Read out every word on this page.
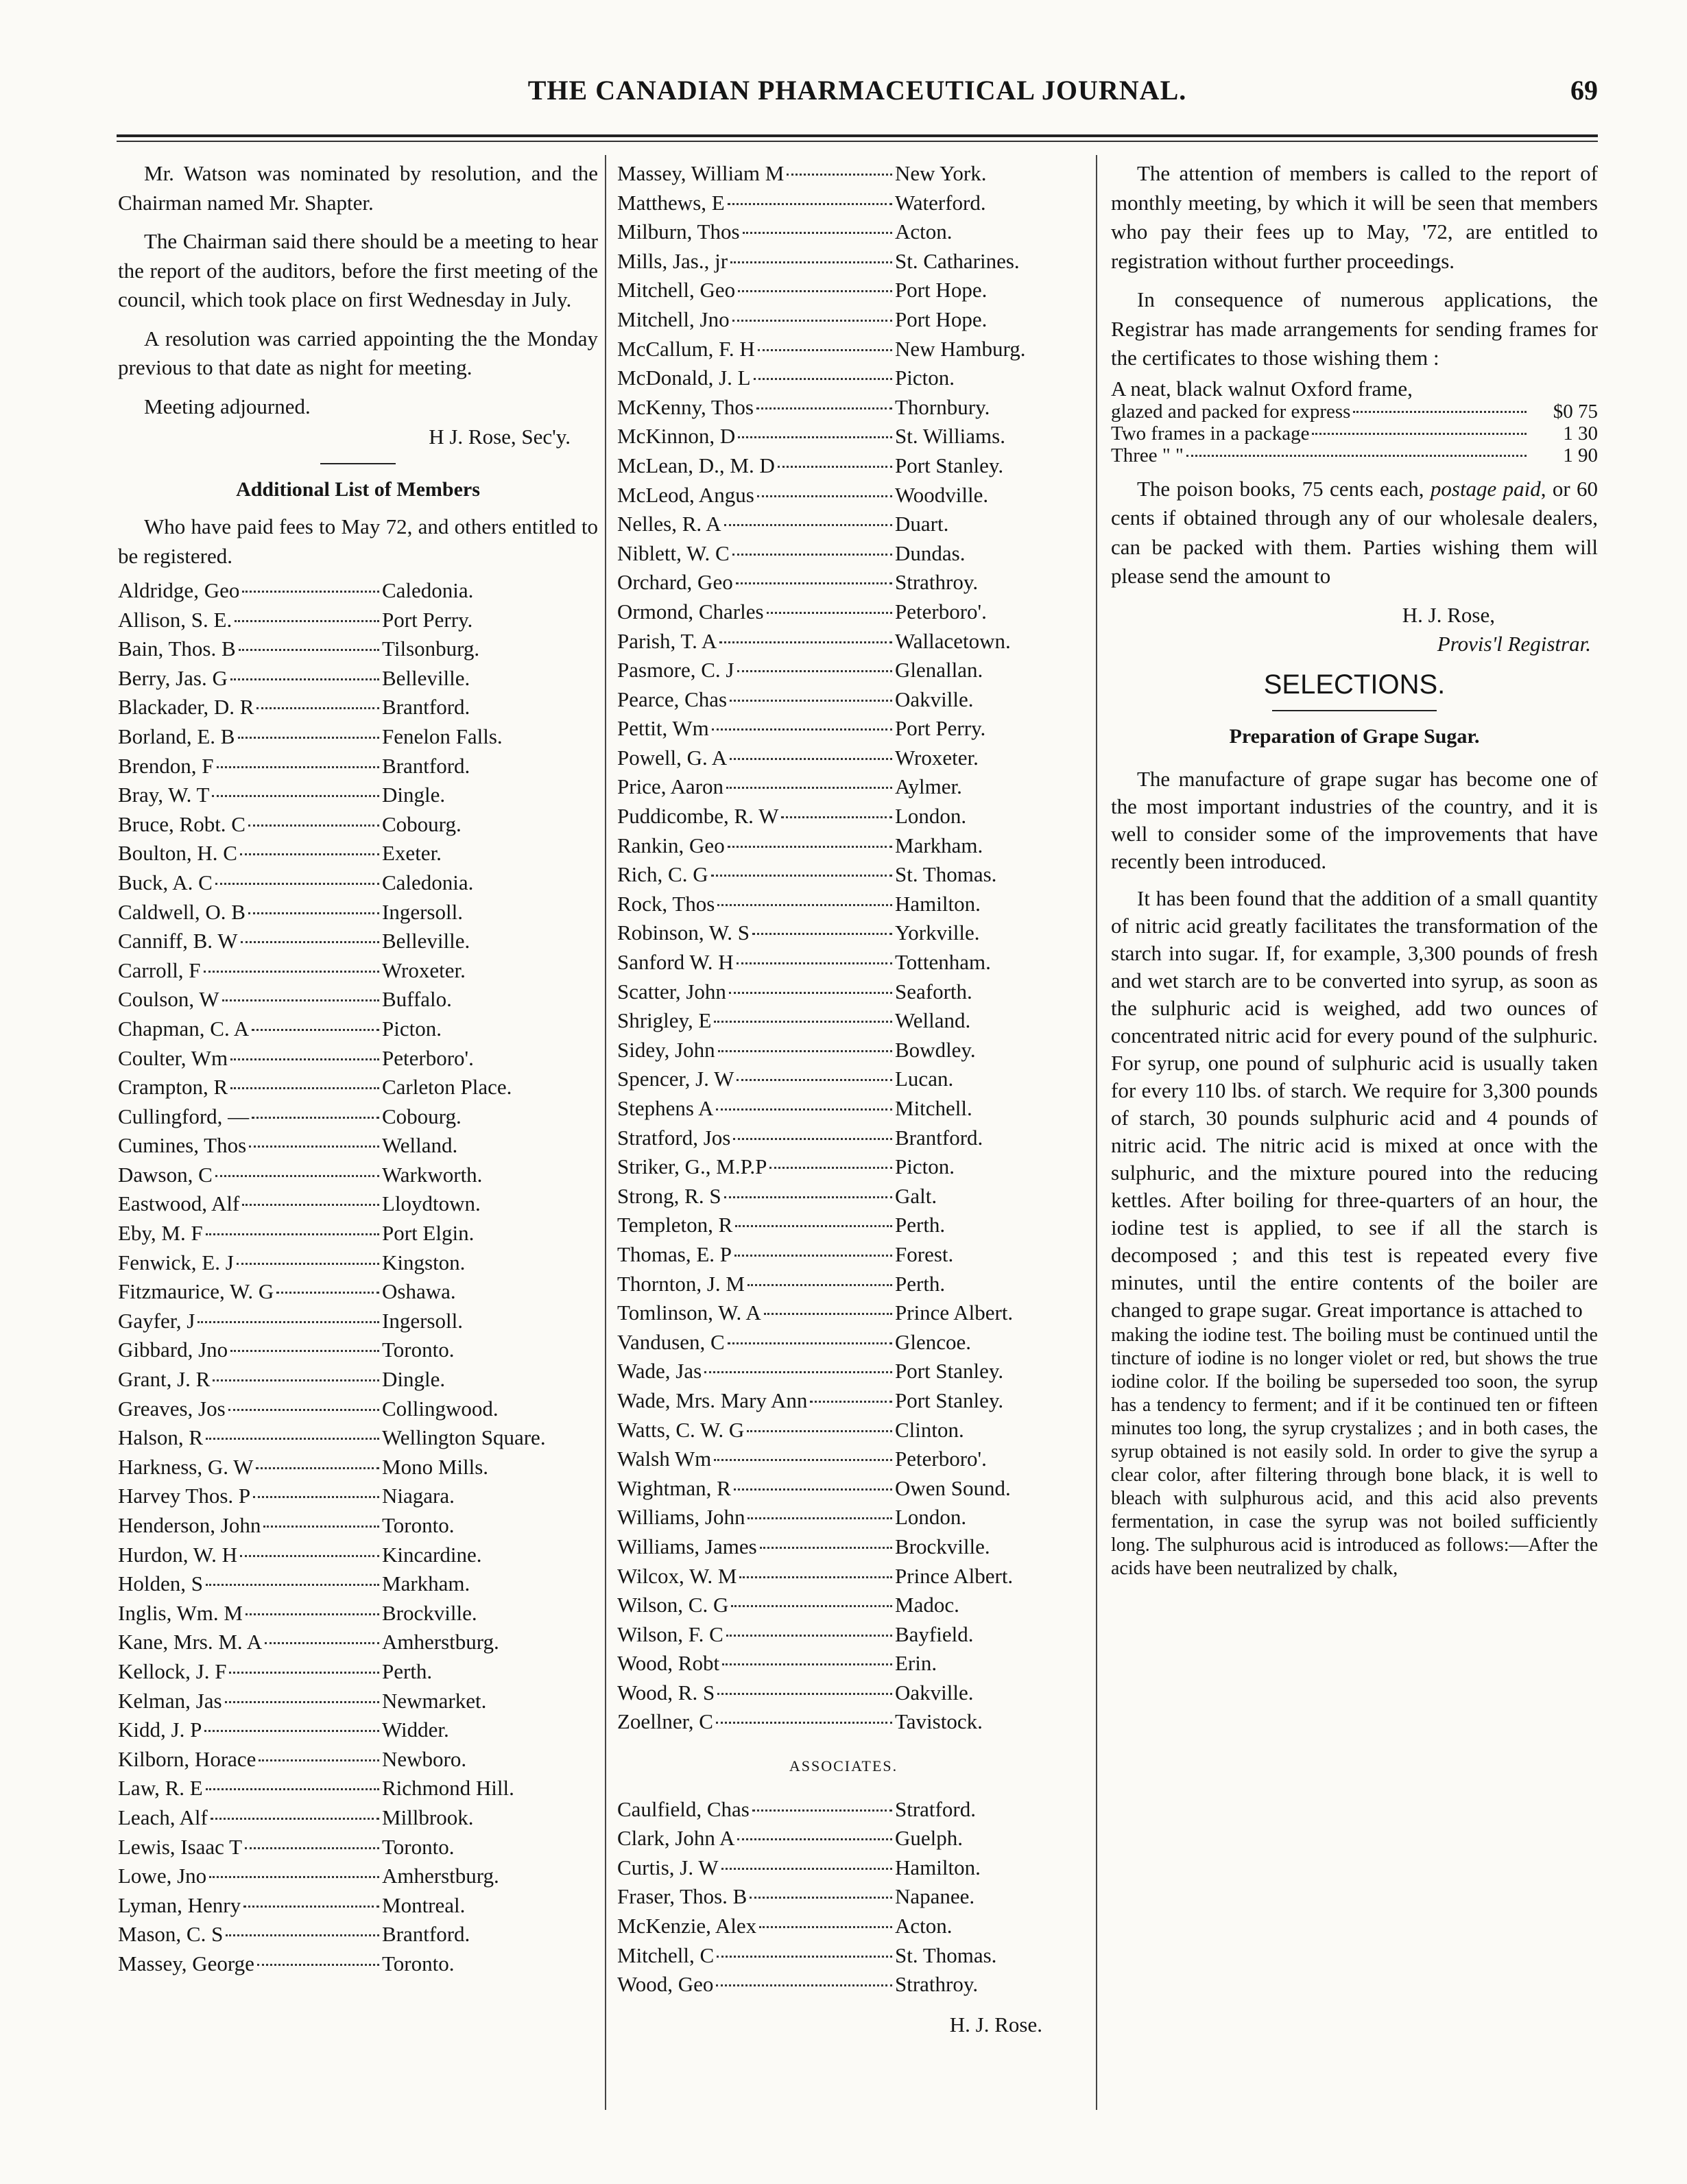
THE CANADIAN PHARMACEUTICAL JOURNAL.	69

Mr. Watson was nominated by resolution, and the Chairman named Mr. Shapter.

The Chairman said there should be a meeting to hear the report of the auditors, before the first meeting of the council, which took place on first Wednesday in July.

A resolution was carried appointing the the Monday previous to that date as night for meeting.

Meeting adjourned.

H J. Rose, Sec'y.
Additional List of Members

Who have paid fees to May 72, and others entitled to be registered.

Aldridge, Geo	Caledonia.
Allison, S. E.	Port Perry.
Bain, Thos. B	Tilsonburg.
Berry, Jas. G	Belleville.
Blackader, D. R	Brantford.
Borland, E. B	Fenelon Falls.
Brendon, F	Brantford.
Bray, W. T	Dingle.
Bruce, Robt. C	Cobourg.
Boulton, H. C	Exeter.
Buck, A. C	Caledonia.
Caldwell, O. B	Ingersoll.
Canniff, B. W	Belleville.
Carroll, F	Wroxeter.
Coulson, W	Buffalo.
Chapman, C. A	Picton.
Coulter, Wm	Peterboro'.
Crampton, R	Carleton Place.
Cullingford, —	Cobourg.
Cumines, Thos	Welland.
Dawson, C	Warkworth.
Eastwood, Alf	Lloydtown.
Eby, M. F	Port Elgin.
Fenwick, E. J	Kingston.
Fitzmaurice, W. G	Oshawa.
Gayfer, J	Ingersoll.
Gibbard, Jno	Toronto.
Grant, J. R	Dingle.
Greaves, Jos	Collingwood.
Halson, R	Wellington Square.
Harkness, G. W	Mono Mills.
Harvey Thos. P	Niagara.
Henderson, John	Toronto.
Hurdon, W. H	Kincardine.
Holden, S	Markham.
Inglis, Wm. M	Brockville.
Kane, Mrs. M. A	Amherstburg.
Kellock, J. F	Perth.
Kelman, Jas	Newmarket.
Kidd, J. P	Widder.
Kilborn, Horace	Newboro.
Law, R. E	Richmond Hill.
Leach, Alf	Millbrook.
Lewis, Isaac T	Toronto.
Lowe, Jno	Amherstburg.
Lyman, Henry	Montreal.
Mason, C. S	Brantford.
Massey, George	Toronto.
Massey, William M	New York.
Matthews, E	Waterford.
Milburn, Thos	Acton.
Mills, Jas., jr	St. Catharines.
Mitchell, Geo	Port Hope.
Mitchell, Jno	Port Hope.
McCallum, F. H	New Hamburg.
McDonald, J. L	Picton.
McKenny, Thos	Thornbury.
McKinnon, D	St. Williams.
McLean, D., M. D	Port Stanley.
McLeod, Angus	Woodville.
Nelles, R. A	Duart.
Niblett, W. C	Dundas.
Orchard, Geo	Strathroy.
Ormond, Charles	Peterboro'.
Parish, T. A	Wallacetown.
Pasmore, C. J	Glenallan.
Pearce, Chas	Oakville.
Pettit, Wm	Port Perry.
Powell, G. A	Wroxeter.
Price, Aaron	Aylmer.
Puddicombe, R. W	London.
Rankin, Geo	Markham.
Rich, C. G	St. Thomas.
Rock, Thos	Hamilton.
Robinson, W. S	Yorkville.
Sanford W. H	Tottenham.
Scatter, John	Seaforth.
Shrigley, E	Welland.
Sidey, John	Bowdley.
Spencer, J. W	Lucan.
Stephens A	Mitchell.
Stratford, Jos	Brantford.
Striker, G., M.P.P	Picton.
Strong, R. S	Galt.
Templeton, R	Perth.
Thomas, E. P	Forest.
Thornton, J. M	Perth.
Tomlinson, W. A	Prince Albert.
Vandusen, C	Glencoe.
Wade, Jas	Port Stanley.
Wade, Mrs. Mary Ann	Port Stanley.
Watts, C. W. G	Clinton.
Walsh Wm	Peterboro'.
Wightman, R	Owen Sound.
Williams, John	London.
Williams, James	Brockville.
Wilcox, W. M	Prince Albert.
Wilson, C. G	Madoc.
Wilson, F. C	Bayfield.
Wood, Robt	Erin.
Wood, R. S	Oakville.
Zoellner, C	Tavistock.
ASSOCIATES.
Caulfield, Chas	Stratford.
Clark, John A	Guelph.
Curtis, J. W	Hamilton.
Fraser, Thos. B	Napanee.
McKenzie, Alex	Acton.
Mitchell, C	St. Thomas.
Wood, Geo	Strathroy.
H. J. Rose.

The attention of members is called to the report of monthly meeting, by which it will be seen that members who pay their fees up to May, '72, are entitled to registration without further proceedings.

In consequence of numerous applications, the Registrar has made arrangements for sending frames for the certificates to those wishing them :

A neat, black walnut Oxford frame,
glazed and packed for express	$0 75
Two frames in a package	1 30
Three " "	1 90

The poison books, 75 cents each, postage paid, or 60 cents if obtained through any of our wholesale dealers, can be packed with them. Parties wishing them will please send the amount to

H. J. Rose,
Provis'l Registrar.
SELECTIONS.
Preparation of Grape Sugar.

The manufacture of grape sugar has become one of the most important industries of the country, and it is well to consider some of the improvements that have recently been introduced.

It has been found that the addition of a small quantity of nitric acid greatly facilitates the transformation of the starch into sugar. If, for example, 3,300 pounds of fresh and wet starch are to be converted into syrup, as soon as the sulphuric acid is weighed, add two ounces of concentrated nitric acid for every pound of the sulphuric. For syrup, one pound of sulphuric acid is usually taken for every 110 lbs. of starch. We require for 3,300 pounds of starch, 30 pounds sulphuric acid and 4 pounds of nitric acid. The nitric acid is mixed at once with the sulphuric, and the mixture poured into the reducing kettles. After boiling for three-quarters of an hour, the iodine test is applied, to see if all the starch is decomposed ; and this test is repeated every five minutes, until the entire contents of the boiler are changed to grape sugar. Great importance is attached to

making the iodine test. The boiling must be continued until the tincture of iodine is no longer violet or red, but shows the true iodine color. If the boiling be superseded too soon, the syrup has a tendency to ferment; and if it be continued ten or fifteen minutes too long, the syrup crystalizes ; and in both cases, the syrup obtained is not easily sold. In order to give the syrup a clear color, after filtering through bone black, it is well to bleach with sulphurous acid, and this acid also prevents fermentation, in case the syrup was not boiled sufficiently long. The sulphurous acid is introduced as follows:—After the acids have been neutralized by chalk,
